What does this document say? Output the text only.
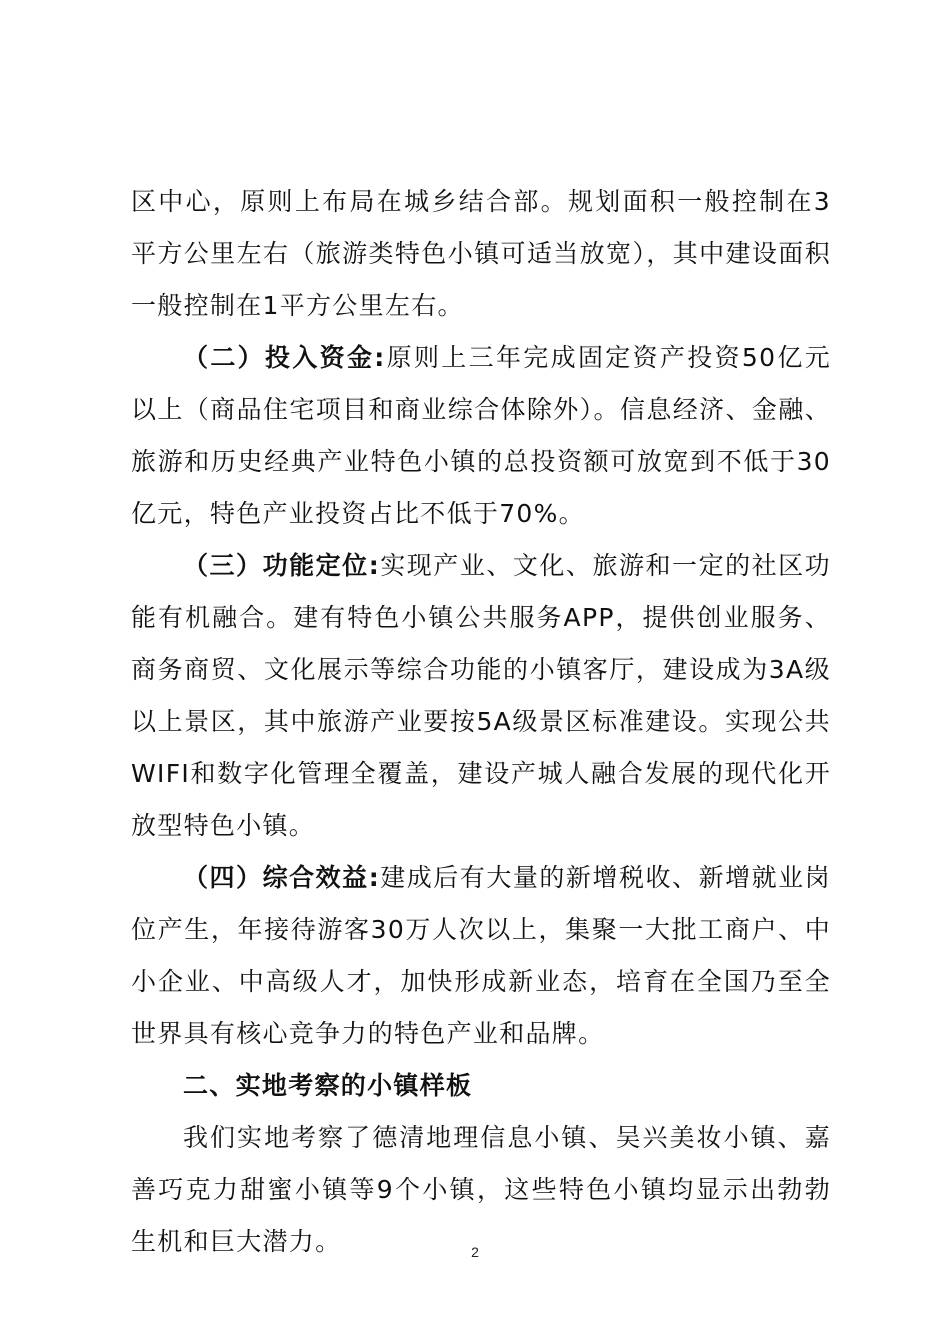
区中心，原则上布局在城乡结合部。规划面积一般控制在3平方公里左右（旅游类特色小镇可适当放宽），其中建设面积一般控制在1平方公里左右。

（二）投入资金:原则上三年完成固定资产投资50亿元以上（商品住宅项目和商业综合体除外）。信息经济、金融、旅游和历史经典产业特色小镇的总投资额可放宽到不低于30亿元，特色产业投资占比不低于70%。

（三）功能定位:实现产业、文化、旅游和一定的社区功能有机融合。建有特色小镇公共服务APP，提供创业服务、商务商贸、文化展示等综合功能的小镇客厅，建设成为3A级以上景区，其中旅游产业要按5A级景区标准建设。实现公共WIFI和数字化管理全覆盖，建设产城人融合发展的现代化开放型特色小镇。

（四）综合效益:建成后有大量的新增税收、新增就业岗位产生，年接待游客30万人次以上，集聚一大批工商户、中小企业、中高级人才，加快形成新业态，培育在全国乃至全世界具有核心竞争力的特色产业和品牌。

二、实地考察的小镇样板

我们实地考察了德清地理信息小镇、吴兴美妆小镇、嘉善巧克力甜蜜小镇等9个小镇，这些特色小镇均显示出勃勃生机和巨大潜力。	2
